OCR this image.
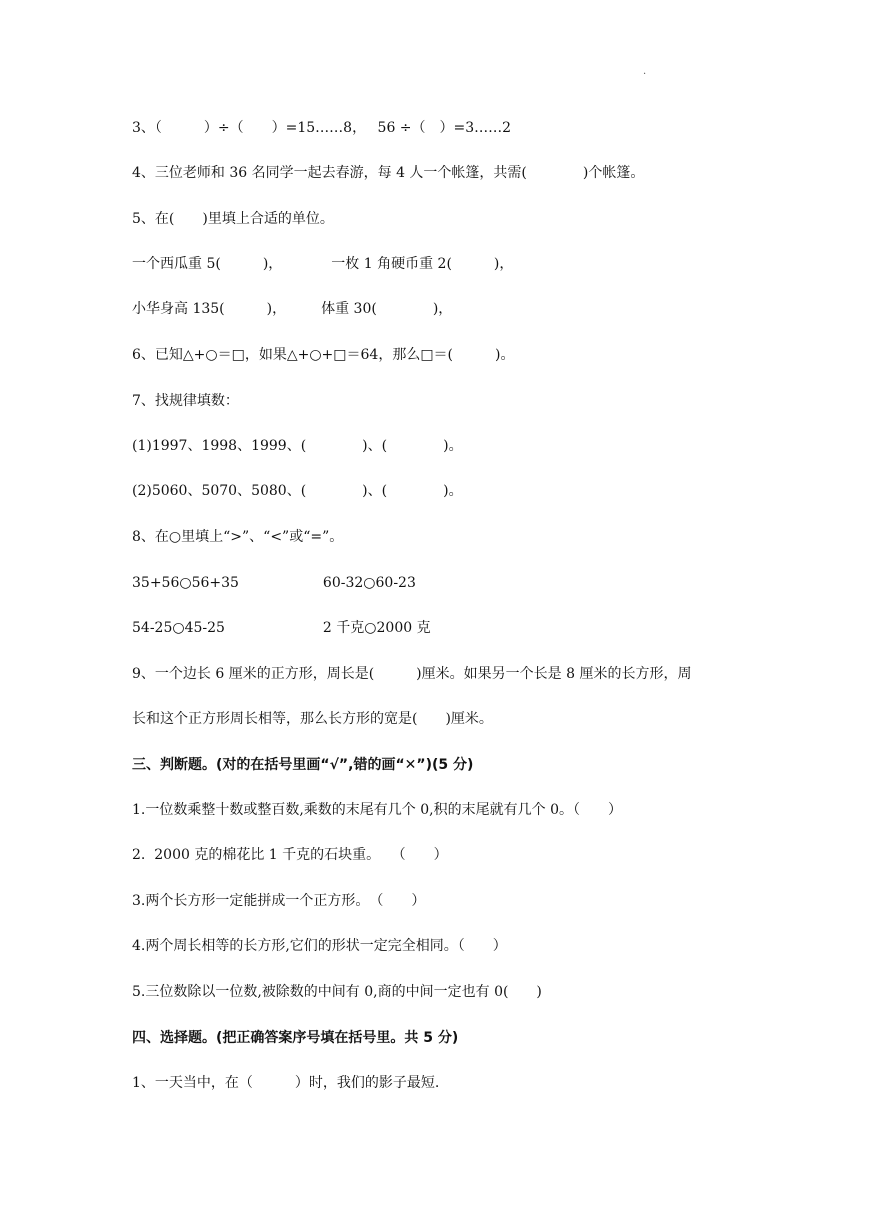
.
3、（　　　）÷（　　）=15……8，　 56 ÷（　）=3……2
4、三位老师和 36 名同学一起去春游，每 4 人一个帐篷，共需(　　　　)个帐篷。
5、在(　　)里填上合适的单位。
一个西瓜重 5(　　　)，　　　　一枚 1 角硬币重 2(　　　)，
小华身高 135(　　　)，　　　体重 30(　　　　)，
6、已知△+○＝□，如果△+○+□＝64，那么□＝(　　　)。
7、找规律填数：
(1)1997、1998、1999、(　　　　)、(　　　　)。
(2)5060、5070、5080、(　　　　)、(　　　　)。
8、在○里填上“>”、“<”或“=”。
35+56○56+35　　　　　　60-32○60-23
54-25○45-25　　　　　　　2 千克○2000 克
9、一个边长 6 厘米的正方形，周长是(　　　)厘米。如果另一个长是 8 厘米的长方形，周
长和这个正方形周长相等，那么长方形的宽是(　　)厘米。
三、判断题。(对的在括号里画“√”,错的画“✕”)(5 分)
1.一位数乘整十数或整百数,乘数的末尾有几个 0,积的末尾就有几个 0。（　　）
2.  2000 克的棉花比 1 千克的石块重。　 （　　）
3.两个长方形一定能拼成一个正方形。　（　　）
4.两个周长相等的长方形,它们的形状一定完全相同。（　　）
5.三位数除以一位数,被除数的中间有 0,商的中间一定也有 0(　　)
四、选择题。(把正确答案序号填在括号里。共 5 分)
1、一天当中，在（　　　）时，我们的影子最短.
